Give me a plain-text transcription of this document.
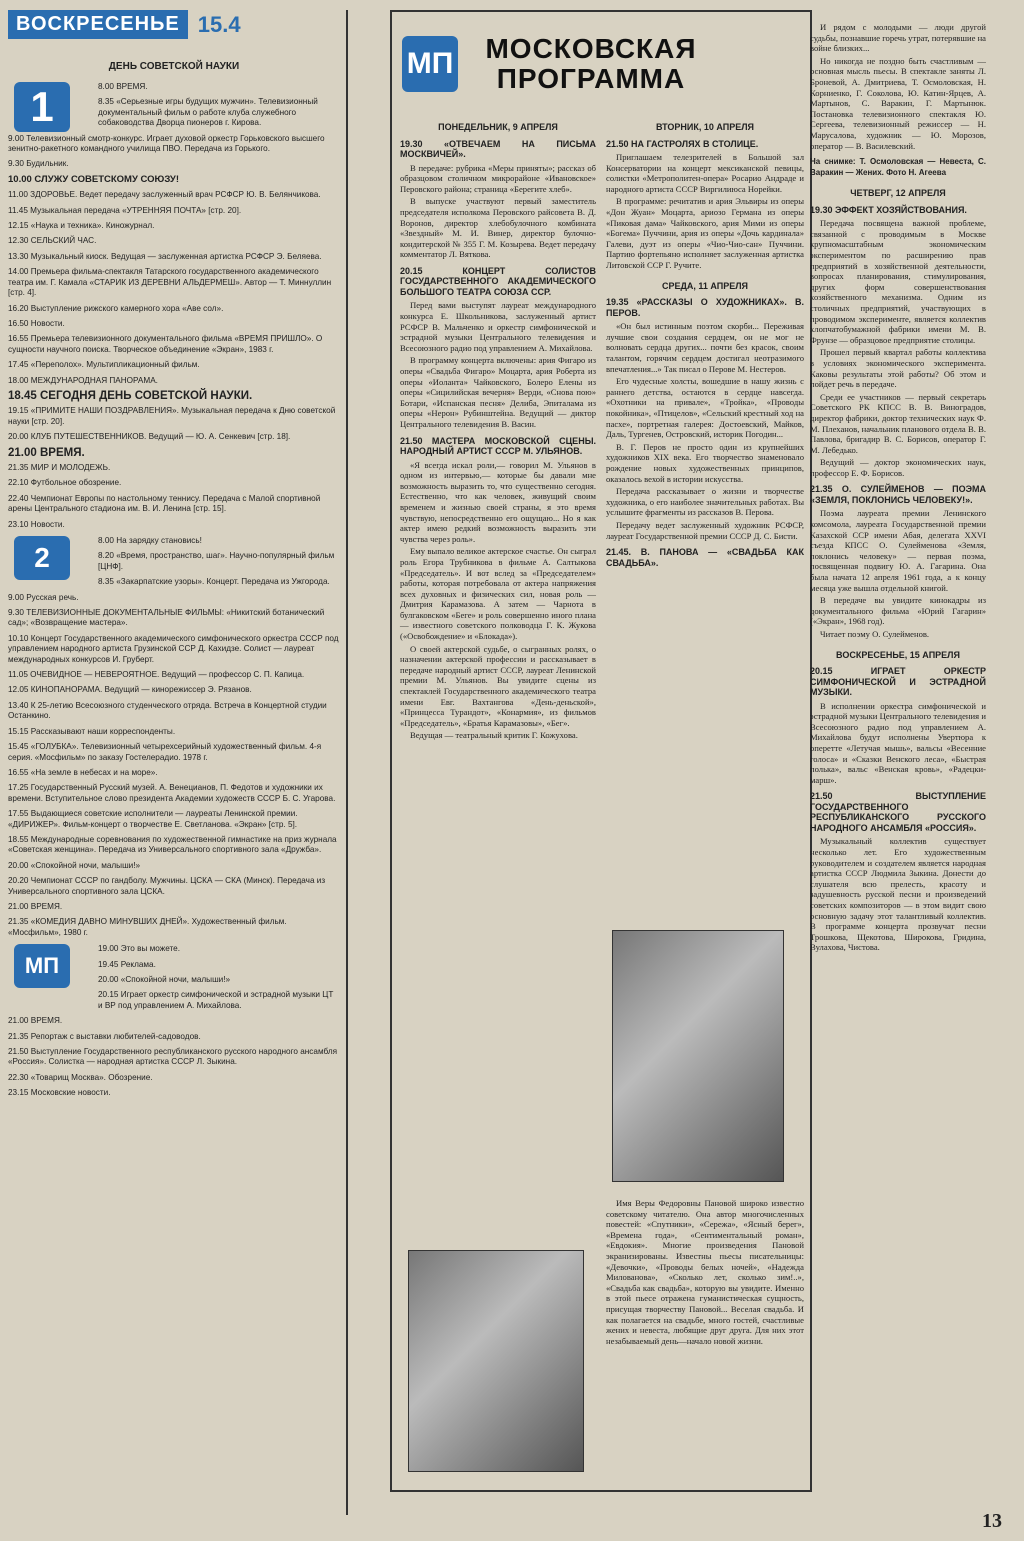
ВОСКРЕСЕНЬЕ 15.4
ДЕНЬ СОВЕТСКОЙ НАУКИ
1	8.00 ВРЕМЯ.
8.35 «Серьезные игры будущих мужчин». Телевизионный документальный фильм о работе клуба служебного собаководства Дворца пионеров г. Кирова.
9.00 Телевизионный смотр-конкурс. Играет духовой оркестр Горьковского высшего зенитно-ракетного командного училища ПВО. Передача из Горького.
9.30 Будильник.
10.00 СЛУЖУ СОВЕТСКОМУ СОЮЗУ!
11.00 ЗДОРОВЬЕ. Ведет передачу заслуженный врач РСФСР Ю. В. Белянчикова.
11.45 Музыкальная передача «УТРЕННЯЯ ПОЧТА» [стр. 20].
12.15 «Наука и техника». Киножурнал.
12.30 СЕЛЬСКИЙ ЧАС.
13.30 Музыкальный киоск. Ведущая — заслуженная артистка РСФСР Э. Беляева.
14.00 Премьера фильма-спектакля Татарского государственного академического театра им. Г. Камала «СТАРИК ИЗ ДЕРЕВНИ АЛЬДЕРМЕШ». Автор — Т. Миннуллин [стр. 4].
16.20 Выступление рижского камерного хора «Аве сол».
16.50 Новости.
16.55 Премьера телевизионного документального фильма «ВРЕМЯ ПРИШЛО». О сущности научного поиска. Творческое объединение «Экран», 1983 г.
17.45 «Переполох». Мультипликационный фильм.
18.00 МЕЖДУНАРОДНАЯ ПАНОРАМА.
18.45 СЕГОДНЯ ДЕНЬ СОВЕТСКОЙ НАУКИ.
19.15 «ПРИМИТЕ НАШИ ПОЗДРАВЛЕНИЯ». Музыкальная передача к Дню советской науки [стр. 20].
20.00 КЛУБ ПУТЕШЕСТВЕННИКОВ. Ведущий — Ю. А. Сенкевич [стр. 18].
21.00 ВРЕМЯ.
21.35 МИР И МОЛОДЕЖЬ.
22.10 Футбольное обозрение.
22.40 Чемпионат Европы по настольному теннису. Передача с Малой спортивной арены Центрального стадиона им. В. И. Ленина [стр. 15].
23.10 Новости.
2
8.00 На зарядку становись!
8.20 «Время, пространство, шаг». Научно-популярный фильм [ЦНФ].
8.35 «Закарпатские узоры». Концерт. Передача из Ужгорода.
9.00 Русская речь.
9.30 ТЕЛЕВИЗИОННЫЕ ДОКУМЕНТАЛЬНЫЕ ФИЛЬМЫ: «Никитский ботанический сад»; «Возвращение мастера».
10.10 Концерт Государственного академического симфонического оркестра СССР под управлением народного артиста Грузинской ССР Д. Кахидзе. Солист — лауреат международных конкурсов И. Груберт.
11.05 ОЧЕВИДНОЕ — НЕВЕРОЯТНОЕ. Ведущий — профессор С. П. Капица.
12.05 КИНОПАНОРАМА. Ведущий — кинорежиссер Э. Рязанов.
13.40 К 25-летию Всесоюзного студенческого отряда. Встреча в Концертной студии Останкино.
15.15 Рассказывают наши корреспонденты.
15.45 «ГОЛУБКА». Телевизионный четырехсерийный художественный фильм. 4-я серия. «Мосфильм» по заказу Гостелерадио. 1978 г.
16.55 «На земле в небесах и на море».
17.25 Государственный Русский музей. А. Венецианов, П. Федотов и художники их времени. Вступительное слово президента Академии художеств СССР Б. С. Угарова.
17.55 Выдающиеся советские исполнители — лауреаты Ленинской премии. «ДИРИЖЕР». Фильм-концерт о творчестве Е. Светланова. «Экран» [стр. 5].
18.55 Международные соревнования по художественной гимнастике на приз журнала «Советская женщина». Передача из Универсального спортивного зала «Дружба».
20.00 «Спокойной ночи, малыши!»
20.20 Чемпионат СССР по гандболу. Мужчины. ЦСКА — СКА (Минск). Передача из Универсального спортивного зала ЦСКА.
21.00 ВРЕМЯ.
21.35 «КОМЕДИЯ ДАВНО МИНУВШИХ ДНЕЙ». Художественный фильм. «Мосфильм», 1980 г.
МП
19.00 Это вы можете.
19.45 Реклама.
20.00 «Спокойной ночи, малыши!»
20.15 Играет оркестр симфонической и эстрадной музыки ЦТ и ВР под управлением А. Михайлова.
21.00 ВРЕМЯ.
21.35 Репортаж с выставки любителей-садоводов.
21.50 Выступление Государственного республиканского русского народного ансамбля «Россия». Солистка — народная артистка СССР Л. Зыкина.
22.30 «Товарищ Москва». Обозрение.
23.15 Московские новости.
МП	МОСКОВСКАЯ ПРОГРАММА
ПОНЕДЕЛЬНИК, 9 АПРЕЛЯ
19.30 «ОТВЕЧАЕМ НА ПИСЬМА МОСКВИЧЕЙ».

В передаче: рубрика «Меры приняты»; рассказ об образцовом столичном микрорайоне «Ивановское» Перовского района; страница «Берегите хлеб».

В выпуске участвуют первый заместитель председателя исполкома Перовского райсовета В. Д. Воронов, директор хлебобулочного комбината «Звездный» М. И. Винер, директор булочно-кондитерской № 355 Г. М. Козырева. Ведет передачу комментатор Л. Вяткова.

20.15 КОНЦЕРТ СОЛИСТОВ ГОСУДАРСТВЕННОГО АКАДЕМИЧЕСКОГО БОЛЬШОГО ТЕАТРА СОЮЗА ССР.

Перед вами выступят лауреат международного конкурса Е. Школьникова, заслуженный артист РСФСР В. Мальченко и оркестр симфонической и эстрадной музыки Центрального телевидения и Всесоюзного радио под управлением А. Михайлова.

В программу концерта включены: ария Фигаро из оперы «Свадьба Фигаро» Моцарта, ария Роберта из оперы «Иоланта» Чайковского, Болеро Елены из оперы «Сицилийская вечерня» Верди, «Снова пою» Ботари, «Испанская песня» Делиба, Эпиталама из оперы «Нерон» Рубинштейна. Ведущий — диктор Центрального телевидения В. Васин.

21.50 МАСТЕРА МОСКОВСКОЙ СЦЕНЫ. НАРОДНЫЙ АРТИСТ СССР М. УЛЬЯНОВ.

«Я всегда искал роли,— говорил М. Ульянов в одном из интервью,— которые бы давали мне возможность выразить то, что существенно сегодня. Естественно, что как человек, живущий своим временем и жизнью своей страны, я это время чувствую, непосредственно его ощущаю... Но я как актер имею редкий возможность выразить эти чувства через роль».

Ему выпало великое актерское счастье. Он сыграл роль Егора Трубникова в фильме А. Салтыкова «Председатель». И вот вслед за «Председателем» работы, которая потребовала от актера напряжения всех духовных и физических сил, новая роль — Дмитрия Карамазова. А затем — Чарнота в булгаковском «Беге» и роль совершенно иного плана — известного советского полководца Г. К. Жукова («Освобождение» и «Блокада»).

О своей актерской судьбе, о сыгранных ролях, о назначении актерской профессии и рассказывает в передаче народный артист СССР, лауреат Ленинской премии М. Ульянов. Вы увидите сцены из спектаклей Государственного академического театра имени Евг. Вахтангова «День-деньской», «Принцесса Турандот», «Конармия», из фильмов «Председатель», «Братья Карамазовы», «Бег».

Ведущая — театральный критик Г. Кожухова.

ВТОРНИК, 10 АПРЕЛЯ
21.50 НА ГАСТРОЛЯХ В СТОЛИЦЕ.

Приглашаем телезрителей в Большой зал Консерватории на концерт мексиканской певицы, солистки «Метрополитен-опера» Росарио Андраде и народного артиста СССР Виргилиюса Норейки.

В программе: речитатив и ария Эльвиры из оперы «Дон Жуан» Моцарта, ариозо Германа из оперы «Пиковая дама» Чайковского, ария Мими из оперы «Богема» Пуччини, ария из оперы «Дочь кардинала» Галеви, дуэт из оперы «Чио-Чио-сан» Пуччини. Партию фортепьяно исполняет заслуженная артистка Литовской ССР Г. Ручите.

СРЕДА, 11 АПРЕЛЯ
19.35 «РАССКАЗЫ О ХУДОЖНИКАХ». В. ПЕРОВ.

«Он был истинным поэтом скорби... Переживая лучшие свои создания сердцем, он не мог не волновать сердца других... почти без красок, своим талантом, горячим сердцем достигал неотразимого впечатления...» Так писал о Перове М. Нестеров.

Его чудесные холсты, вошедшие в нашу жизнь с раннего детства, остаются в сердце навсегда. «Охотники на привале», «Тройка», «Проводы покойника», «Птицелов», «Сельский крестный ход на пасхе», портретная галерея: Достоевский, Майков, Даль, Тургенев, Островский, историк Погодин...

В. Г. Перов не просто один из крупнейших художников XIX века. Его творчество знаменовало рождение новых художественных принципов, оказалось вехой в истории искусства.

Передача рассказывает о жизни и творчестве художника, о его наиболее значительных работах. Вы услышите фрагменты из рассказов В. Перова.

Передачу ведет заслуженный художник РСФСР, лауреат Государственной премии СССР Д. С. Бисти.

21.45. В. ПАНОВА — «СВАДЬБА КАК СВАДЬБА».

Имя Веры Федоровны Пановой широко известно советскому читателю. Она автор многочисленных повестей: «Спутники», «Сережа», «Ясный берег», «Времена года», «Сентиментальный роман», «Евдокия». Многие произведения Пановой экранизированы. Известны пьесы писательницы: «Девочки», «Проводы белых ночей», «Надежда Милованова», «Сколько лет, сколько зим!..», «Свадьба как свадьба», которую вы увидите. Именно в этой пьесе отражена гуманистическая сущность, присущая творчеству Пановой... Веселая свадьба. И как полагается на свадьбе, много гостей, счастливые жених и невеста, любящие друг друга. Для них этот незабываемый день—начало новой жизни.

И рядом с молодыми — люди другой судьбы, познавшие горечь утрат, потерявшие на войне близких...

Но никогда не поздно быть счастливым — основная мысль пьесы. В спектакле заняты Л. Броневой, А. Дмитриева, Т. Осмоловская, Н. Корниенко, Г. Соколова, Ю. Катин-Ярцев, А. Мартынов, С. Варакин, Г. Мартынюк. Постановка телевизионного спектакля Ю. Сергеева, телевизионный режиссер — Н. Марусалова, художник — Ю. Морозов, оператор — В. Василевский.

На снимке: Т. Осмоловская — Невеста, С. Варакин — Жених. Фото Н. Агеева
ЧЕТВЕРГ, 12 АПРЕЛЯ
19.30 ЭФФЕКТ ХОЗЯЙСТВОВАНИЯ.

Передача посвящена важной проблеме, связанной с проводимым в Москве крупномасштабным экономическим экспериментом по расширению прав предприятий в хозяйственной деятельности, вопросах планирования, стимулирования, других форм совершенствования хозяйственного механизма. Одним из столичных предприятий, участвующих в проводимом эксперименте, является коллектив хлопчатобумажной фабрики имени М. В. Фрунзе — образцовое предприятие столицы.

Прошел первый квартал работы коллектива в условиях экономического эксперимента. Каковы результаты этой работы? Об этом и пойдет речь в передаче.

Среди ее участников — первый секретарь Советского РК КПСС В. В. Виноградов, директор фабрики, доктор технических наук Ф. М. Плеханов, начальник планового отдела В. В. Павлова, бригадир В. С. Борисов, оператор Г. М. Лебедько.

Ведущий — доктор экономических наук, профессор Е. Ф. Борисов.

21.35 О. СУЛЕЙМЕНОВ — ПОЭМА «ЗЕМЛЯ, ПОКЛОНИСЬ ЧЕЛОВЕКУ!».

Поэма лауреата премии Ленинского комсомола, лауреата Государственной премии Казахской ССР имени Абая, делегата XXVI съезда КПСС О. Сулейменова «Земля, поклонись человеку» — первая поэма, посвященная подвигу Ю. А. Гагарина. Она была начата 12 апреля 1961 года, а к концу месяца уже вышла отдельной книгой.

В передаче вы увидите кинокадры из документального фильма «Юрий Гагарин» («Экран», 1968 год).

Читает поэму О. Сулейменов.

ВОСКРЕСЕНЬЕ, 15 АПРЕЛЯ
20.15 ИГРАЕТ ОРКЕСТР СИМФОНИЧЕСКОЙ И ЭСТРАДНОЙ МУЗЫКИ.

В исполнении оркестра симфонической и эстрадной музыки Центрального телевидения и Всесоюзного радио под управлением А. Михайлова будут исполнены Увертюра к оперетте «Летучая мышь», вальсы «Весенние голоса» и «Сказки Венского леса», «Быстрая полька», вальс «Венская кровь», «Радецки-марш».

21.50 ВЫСТУПЛЕНИЕ ГОСУДАРСТВЕННОГО РЕСПУБЛИКАНСКОГО РУССКОГО НАРОДНОГО АНСАМБЛЯ «РОССИЯ».

Музыкальный коллектив существует несколько лет. Его художественным руководителем и создателем является народная артистка СССР Людмила Зыкина. Донести до слушателя всю прелесть, красоту и задушевность русской песни и произведений советских композиторов — в этом видит свою основную задачу этот талантливый коллектив. В программе концерта прозвучат песни Трошкова, Щекотова, Широкова, Гридина, Вулахова, Чистова.

13
